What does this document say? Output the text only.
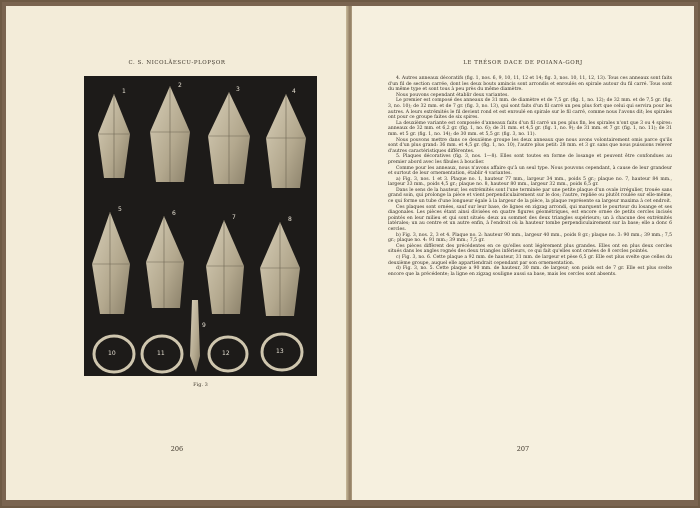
C. S. NICOLĂESCU-PLOPȘOR
1
2
3	4
5
6
7	8
9
10	11	12	13
Fig. 3
206
LE TRÉSOR DACE DE POIANA-GORJ

4. Autres anneaux décoratifs (fig. 1, nos. 6, 9, 10, 11, 12 et 14; fig. 3, nos. 10, 11, 12, 13). Tous ces anneaux sont faits d'un fil de section carrée, dont les deux bouts amincis sont arrondis et enroulés en spirale autour du fil carré. Tous sont du même type et sont tous à peu près du même diamètre.

Nous pouvons cependant établir deux variantes.

Le premier est composé des anneaux de 31 mm. de diamètre et de 7,5 gr. (fig. 1, no. 12); de 32 mm. et de 7,5 gr. (fig. 3, no. 10); de 32 mm. et de 7 gr. (fig. 3, no. 13), qui sont faits d'un fil carré un peu plus fort que celui qui servira pour les autres. A leurs extrémités le fil devient rond et est enroulé en spirale sur le fil carré, comme nous l'avons dit; les spirales ont pour ce groupe faites de six spires.

La deuxième variante est composée d'anneaux faits d'un fil carré un peu plus fin, les spirales n'ont que 3 ou 4 spires: anneaux de 32 mm. et 6,2 gr. (fig. 1, no. 6); de 31 mm. et 4,5 gr. (fig. 1, no. 9); de 31 mm. et 7 gr. (fig. 1, no. 11); de 31 mm. et 5 gr. (fig. 1, no. 14); de 30 mm. et 5,5 gr. (fig. 3, no. 11).

Nous pouvons mettre dans ce deuxième groupe les deux anneaux que nous avons volontairement omis parce qu'ils sont d'un plus grand: 36 mm. et 4,5 gr. (fig. 1, no. 10), l'autre plus petit: 28 mm. et 3 gr. sans que nous puissions relever d'autres caractéristiques différentes.

5. Plaques décoratives (fig. 3, nos. 1—8). Elles sont toutes en forme de losange et peuvent être confondues au premier abord avec les fibules à bouclier.

Comme pour les anneaux, nous n'avons affaire qu'à un seul type. Nous pouvons cependant, à cause de leur grandeur et surtout de leur ornementation, établir 4 variantes.

a) Fig. 3, nos. 1 et 3. Plaque no. 1, hauteur 77 mm., largeur 34 mm., poids 5 gr.; plaque no. 7, hauteur 84 mm., largeur 33 mm., poids 4,5 gr.; plaque no. 8, hauteur 80 mm., largeur 32 mm., poids 6,5 gr.

Dans le sens de la hauteur, les extrémités sont l'une terminée par une petite plaque d'un ovale irrégulier, trouée sans grand soin, qui prolonge la pièce et vient perpendiculairement sur le dos; l'autre, repliée ou plutôt roulée sur elle-même, ce qui forme un tube d'une longueur égale à la largeur de la pièce, la plaque représente sa largeur maxima à cet endroit.

Ces plaques sont ornées, sauf sur leur base, de lignes en zigzag arrondi, qui marquent le pourtour du losange et ses diagonales. Les pièces étant ainsi divisées en quatre figures géométriques, est encore ornée de petits cercles incisés pointés en leur milieu et qui sont situés: deux au sommet des deux triangles supérieurs; un à chacune des extrémités latérales; un au centre et un autre enfin, à l'endroit où la hauteur tombe perpendiculairement sur la base; elle a donc 6 cercles.

b) Fig. 3, nos. 2, 3 et 4. Plaque no. 2: hauteur 90 mm., largeur 40 mm., poids 8 gr.; plaque no. 3: 90 mm.; 39 mm.; 7,5 gr.; plaque no. 4: 91 mm.; 39 mm.; 7,5 gr.

Ces pièces diffèrent des précédentes en ce qu'elles sont légèrement plus grandes. Elles ont en plus deux cercles situés dans les angles rognés des deux triangles inférieurs, ce qui fait qu'elles sont ornées de 8 cercles pointés.

c) Fig. 3, no. 6. Cette plaque a 92 mm. de hauteur, 31 mm. de largeur et pèse 6,5 gr. Elle est plus svelte que celles du deuxième groupe, auquel elle appartiendrait cependant par son ornementation.

d) Fig. 3, no. 5. Cette plaque a 90 mm. de hauteur, 30 mm. de largeur; son poids est de 7 gr. Elle est plus svelte encore que la précédente; la ligne en zigzag souligne aussi sa base, mais les cercles sont absents.

207
